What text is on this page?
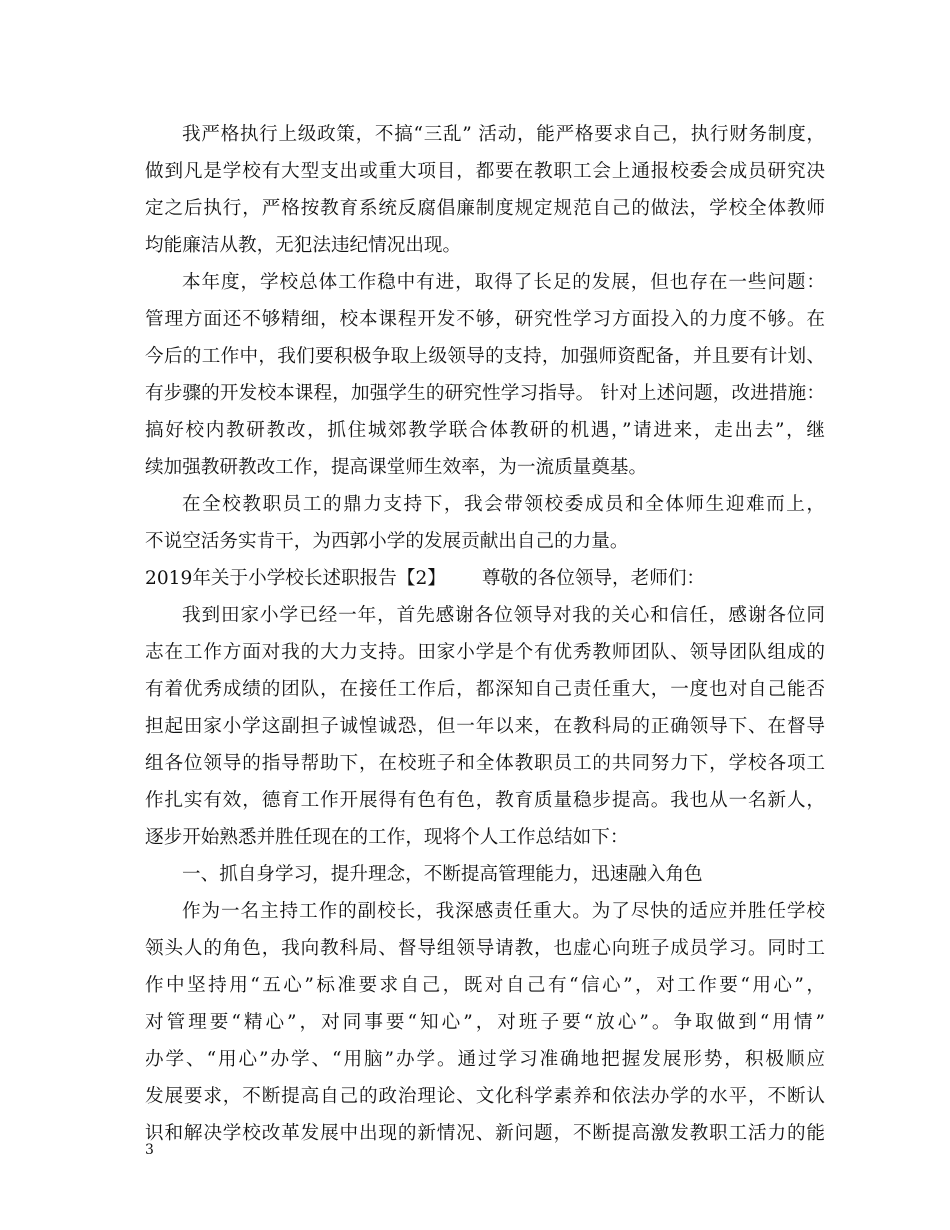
我严格执行上级政策，不搞“三乱” 活动，能严格要求自己，执行财务制度，
做到凡是学校有大型支出或重大项目，都要在教职工会上通报校委会成员研究决
定之后执行，严格按教育系统反腐倡廉制度规定规范自己的做法，学校全体教师
均能廉洁从教，无犯法违纪情况出现。
本年度，学校总体工作稳中有进，取得了长足的发展，但也存在一些问题：
管理方面还不够精细，校本课程开发不够，研究性学习方面投入的力度不够。在
今后的工作中，我们要积极争取上级领导的支持，加强师资配备，并且要有计划、
有步骤的开发校本课程，加强学生的研究性学习指导。 针对上述问题，改进措施：
搞好校内教研教改，抓住城郊教学联合体教研的机遇，”请进来，走出去”，继
续加强教研教改工作，提高课堂师生效率，为一流质量奠基。
在全校教职员工的鼎力支持下，我会带领校委成员和全体师生迎难而上，
不说空活务实肯干，为西郭小学的发展贡献出自己的力量。
2019年关于小学校长述职报告【2】 尊敬的各位领导，老师们：
我到田家小学已经一年，首先感谢各位领导对我的关心和信任，感谢各位同
志在工作方面对我的大力支持。田家小学是个有优秀教师团队、领导团队组成的
有着优秀成绩的团队，在接任工作后，都深知自己责任重大，一度也对自己能否
担起田家小学这副担子诚惶诚恐，但一年以来，在教科局的正确领导下、在督导
组各位领导的指导帮助下，在校班子和全体教职员工的共同努力下，学校各项工
作扎实有效，德育工作开展得有色有色，教育质量稳步提高。我也从一名新人，
逐步开始熟悉并胜任现在的工作，现将个人工作总结如下：
一、抓自身学习，提升理念，不断提高管理能力，迅速融入角色
作为一名主持工作的副校长，我深感责任重大。为了尽快的适应并胜任学校
领头人的角色，我向教科局、督导组领导请教，也虚心向班子成员学习。同时工
作中坚持用“五心”标准要求自己，既对自己有“信心”，对工作要“用心”，
对管理要“精心”，对同事要“知心”，对班子要“放心”。争取做到“用情”
办学、“用心”办学、“用脑”办学。通过学习准确地把握发展形势，积极顺应
发展要求，不断提高自己的政治理论、文化科学素养和依法办学的水平，不断认
识和解决学校改革发展中出现的新情况、新问题，不断提高激发教职工活力的能
3
